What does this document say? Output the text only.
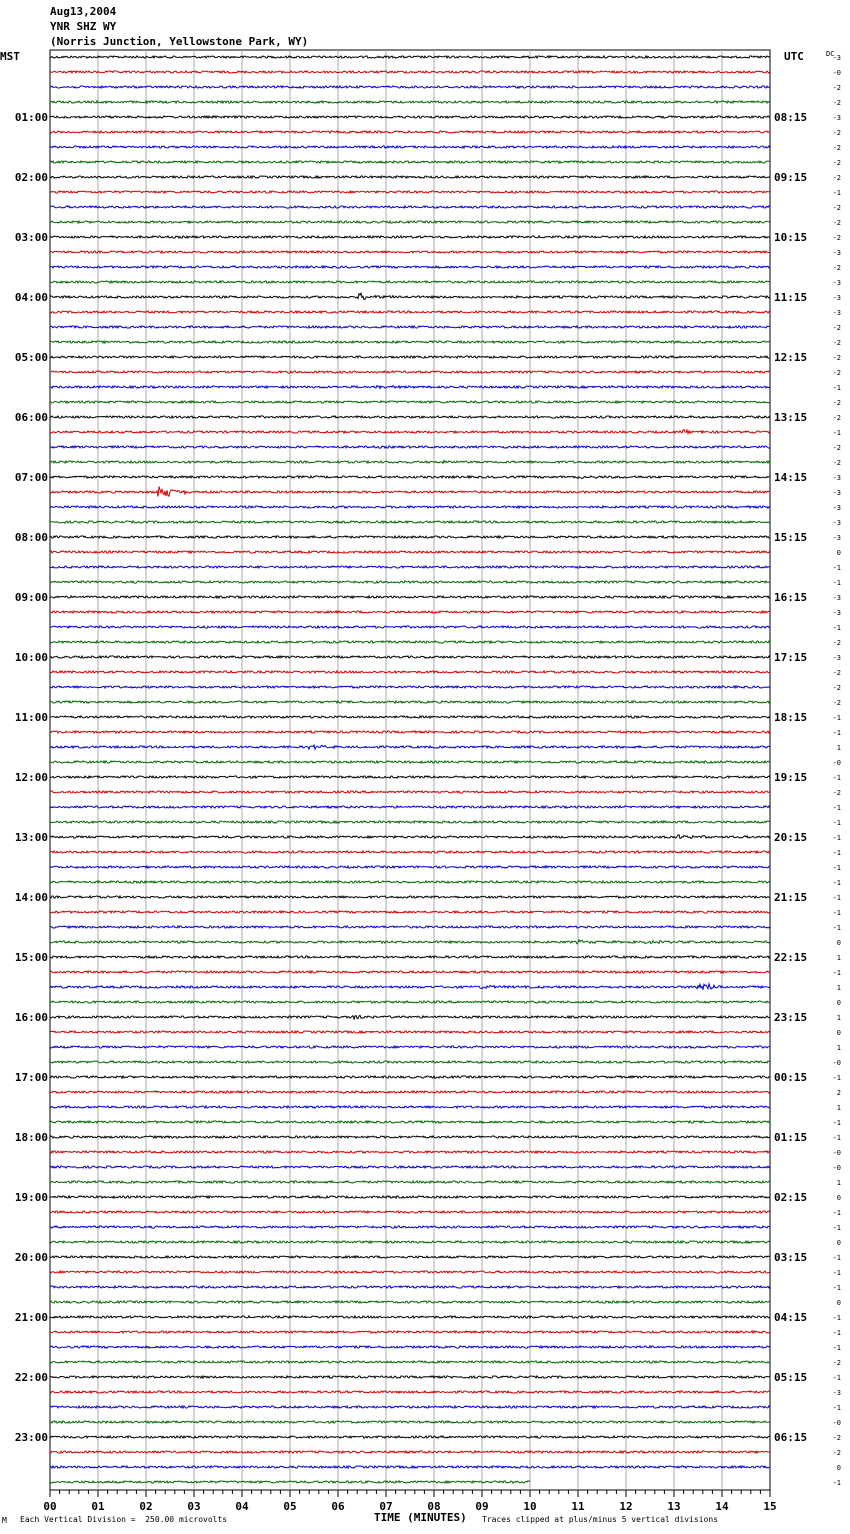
Aug13,2004
YNR SHZ WY
(Norris Junction, Yellowstone Park, WY)
-3
-0
-2
-2
-3
-2
-2
-2
-2
-1
-2
-2
-2
-3
-2
-3
-3
-3
-2
-2
-2
-2
-1
-2
-2
-1
-2
-2
-3
-3
-3
-3
-3
0
-1
-1
-3
-3
-1
-2
-3
-2
-2
-2
-1
-1
1
-0
-1
-2
-1
-1
-1
-1
-1
-1
-1
-1
-1
0
1
-1
1
0
1
0
1
-0
-1
2
1
-1
-1
-0
-0
1
0
-1
-1
0
-1
-1
-1
0
-1
-1
-1
-2
-1
-3
-1
-0
-2
-2
0
-1
DC
MST	UTC
01:00
02:00
03:00
04:00
05:00
06:00
07:00
08:00
09:00
10:00
11:00
12:00
13:00
14:00
15:00
16:00
17:00
18:00
19:00
20:00
21:00
22:00
23:00
08:15
09:15
10:15
11:15
12:15
13:15
14:15
15:15
16:15
17:15
18:15
19:15
20:15
21:15
22:15
23:15
00:15
01:15
02:15
03:15
04:15
05:15
06:15
00	01	02	03	04	05	06	07	08	09	10	11	12	13	14	15
M Each Vertical Division =  250.00 microvolts	TIME (MINUTES) Traces clipped at plus/minus 5 vertical divisions
